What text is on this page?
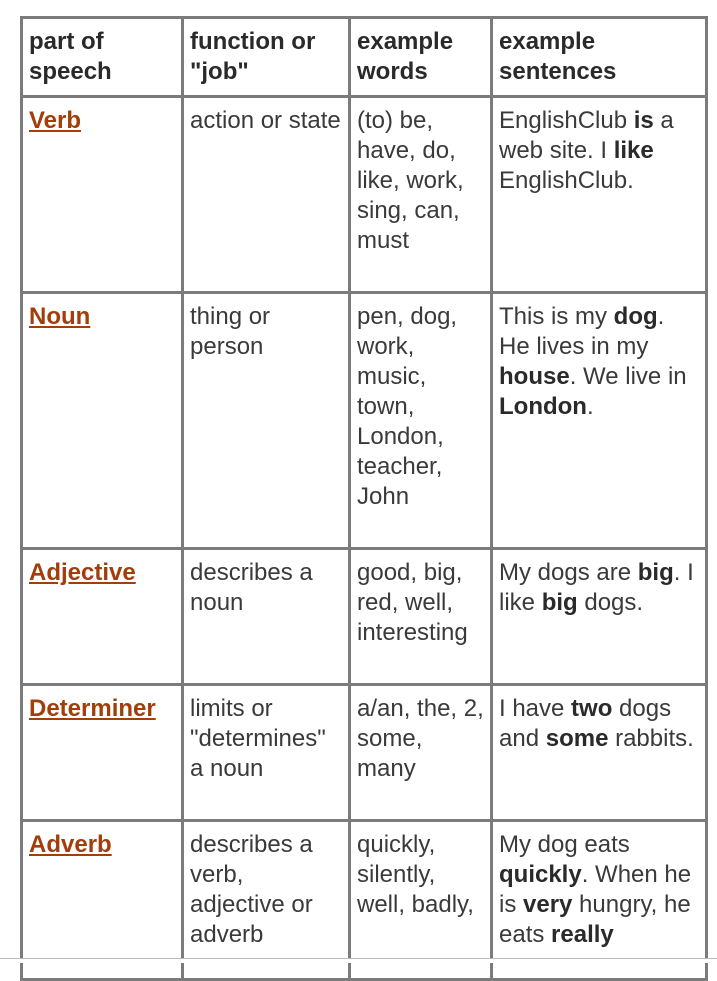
part of speech	function or "job"	example words	example sentences
Verb	action or state	(to) be, have, do, like, work, sing, can, must	EnglishClub is a web site. I like EnglishClub.
Noun	thing or person	pen, dog, work, music, town, London, teacher, John	This is my dog. He lives in my house. We live in London.
Adjective	describes a noun	good, big, red, well, interesting	My dogs are big. I like big dogs.
Determiner	limits or "determines" a noun	a/an, the, 2, some, many	I have two dogs and some rabbits.
Adverb	describes a verb, adjective or adverb	quickly, silently, well, badly,	My dog eats quickly. When he is very hungry, he eats really
